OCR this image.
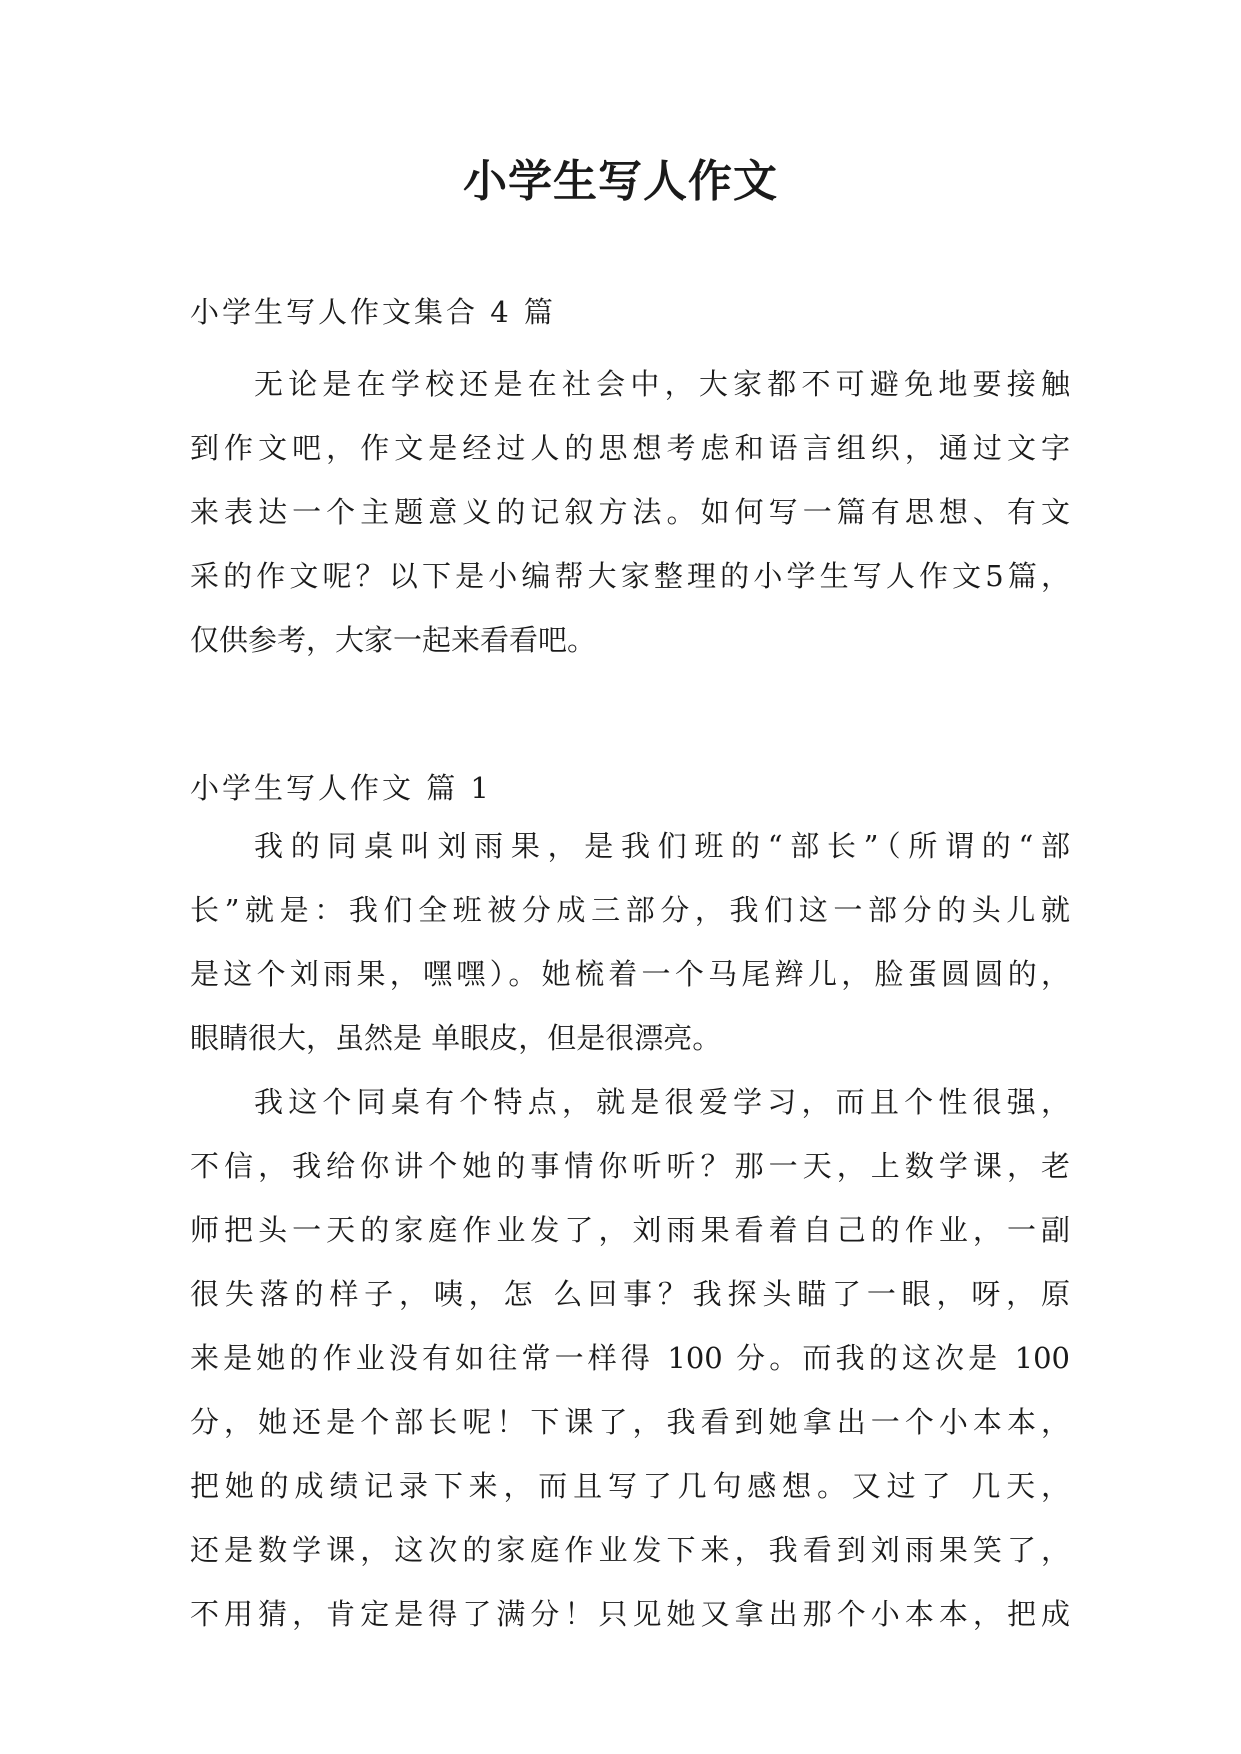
小学生写人作文

小学生写人作文集合 4 篇

无论是在学校还是在社会中，大家都不可避免地要接触
到作文吧，作文是经过人的思想考虑和语言组织，通过文字
来表达一个主题意义的记叙方法。如何写一篇有思想、有文
采的作文呢？以下是小编帮大家整理的小学生写人作文5篇，
仅供参考，大家一起来看看吧。

小学生写人作文 篇 1

我的同桌叫刘雨果，是我们班的“部长”（所谓的“部
长”就是：我们全班被分成三部分，我们这一部分的头儿就
是这个刘雨果，嘿嘿）。她梳着一个马尾辫儿，脸蛋圆圆的，
眼睛很大，虽然是 单眼皮，但是很漂亮。
我这个同桌有个特点，就是很爱学习，而且个性很强，
不信，我给你讲个她的事情你听听？那一天，上数学课，老
师把头一天的家庭作业发了，刘雨果看着自己的作业，一副
很失落的样子，咦，怎 么回事？我探头瞄了一眼，呀，原
来是她的作业没有如往常一样得 100 分。而我的这次是 100
分，她还是个部长呢！下课了，我看到她拿出一个小本本，
把她的成绩记录下来，而且写了几句感想。又过了 几天，
还是数学课，这次的家庭作业发下来，我看到刘雨果笑了，
不用猜，肯定是得了满分！只见她又拿出那个小本本，把成
